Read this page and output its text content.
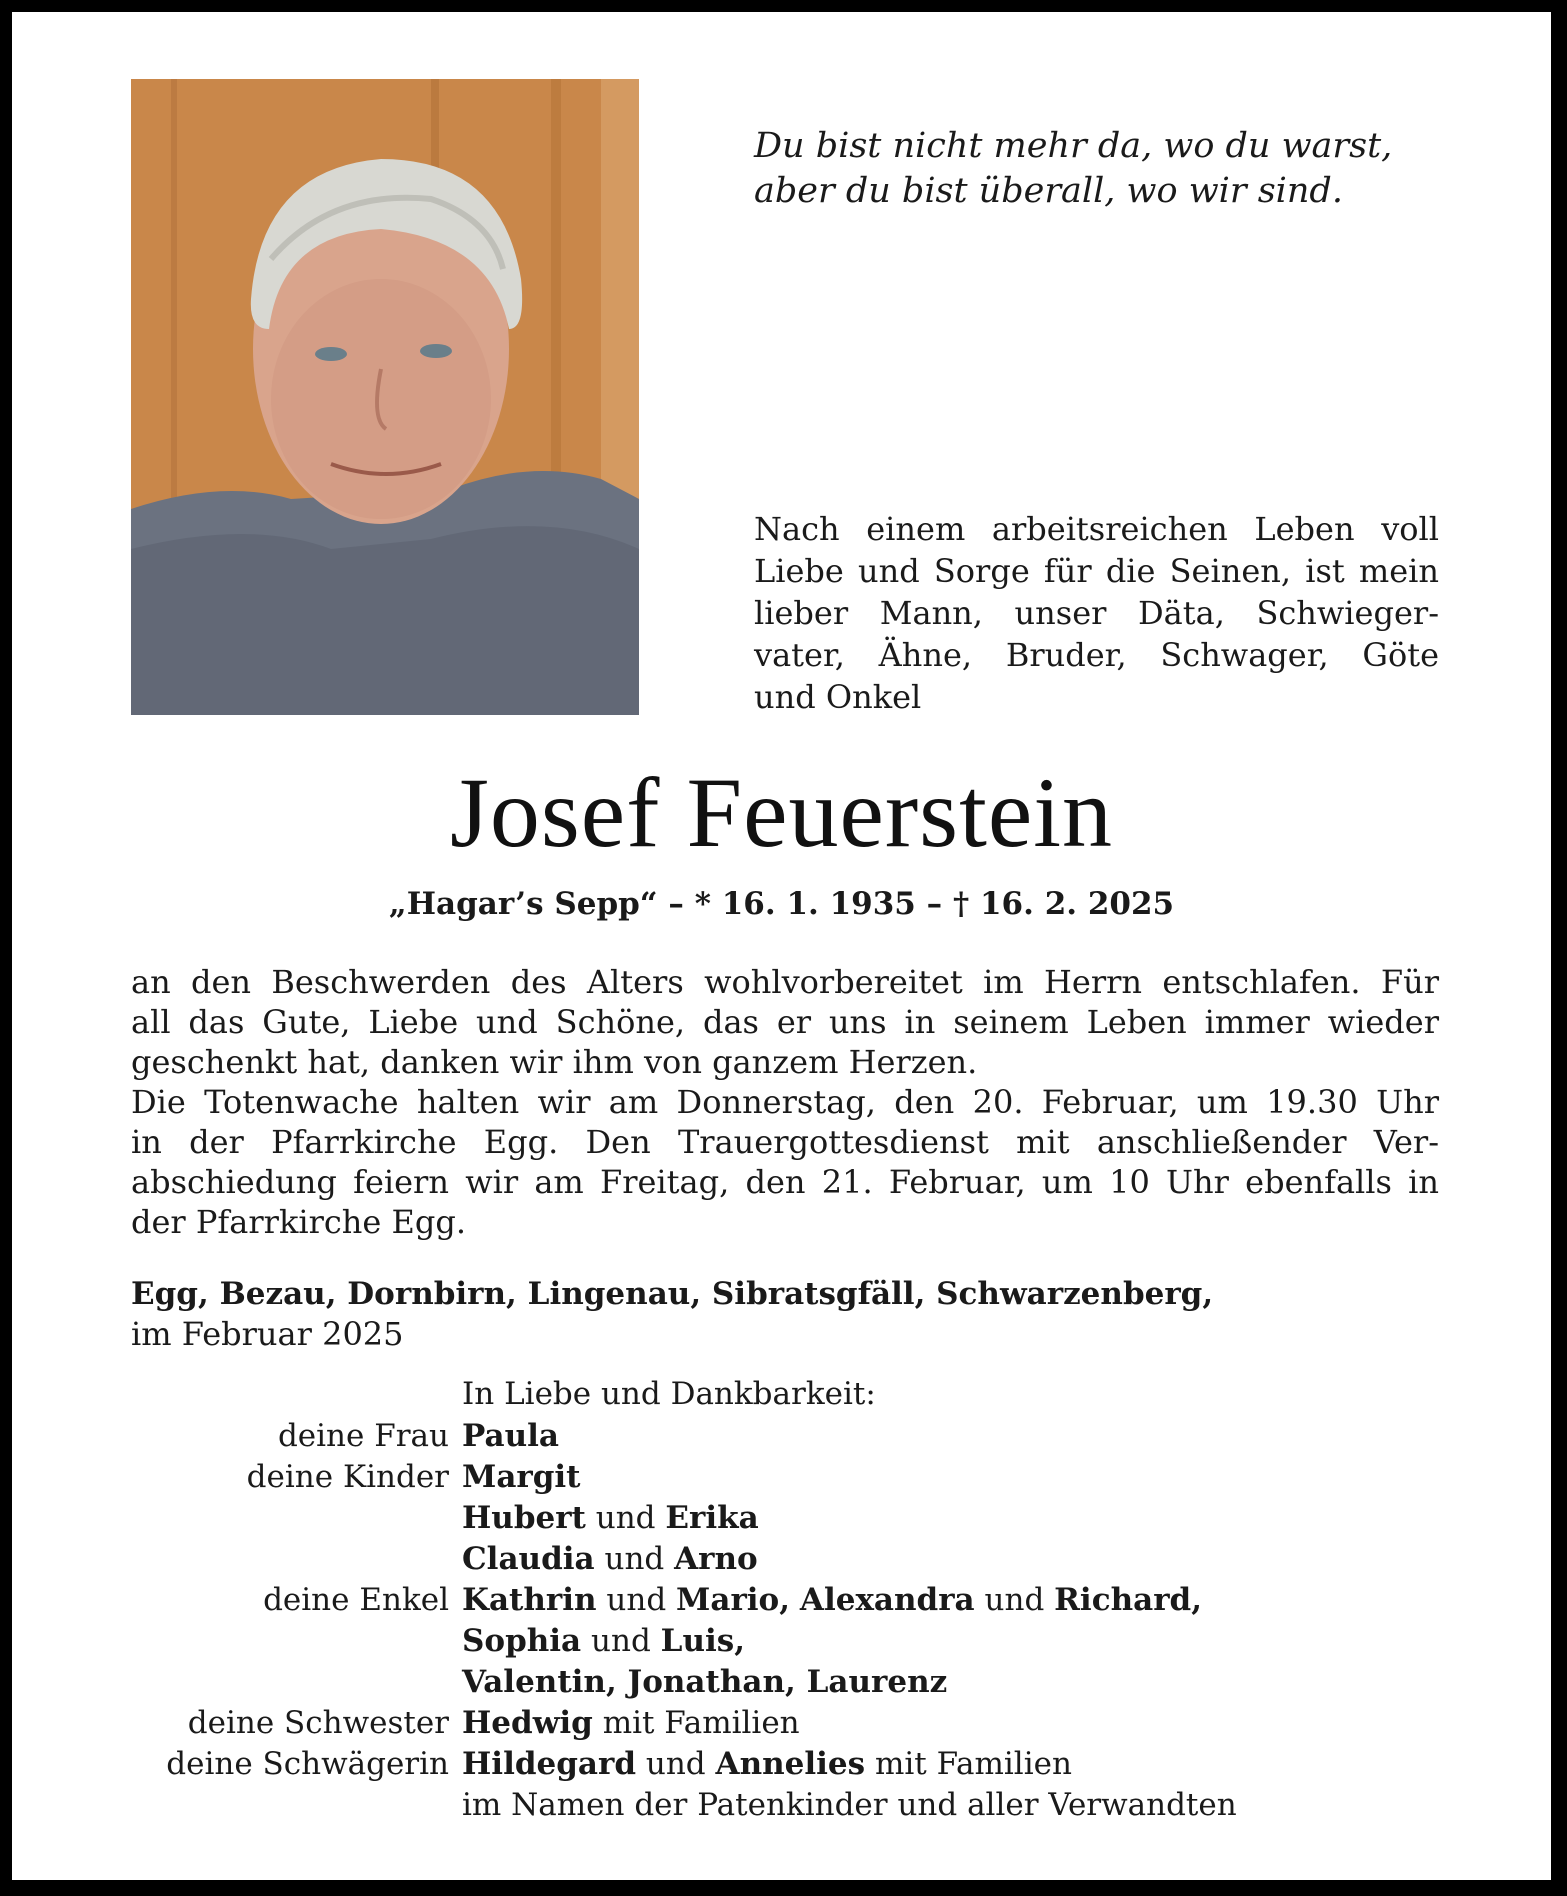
Du bist nicht mehr da, wo du warst,
aber du bist überall, wo wir sind.
Nach einem arbeitsreichen Leben voll
Liebe und Sorge für die Seinen, ist mein
lieber Mann, unser Däta, Schwieger-
vater, Ähne, Bruder, Schwager, Göte
und Onkel
Josef Feuerstein
„Hagar’s Sepp“ – * 16. 1. 1935 – † 16. 2. 2025
an den Beschwerden des Alters wohlvorbereitet im Herrn entschlafen. Für
all das Gute, Liebe und Schöne, das er uns in seinem Leben immer wieder
geschenkt hat, danken wir ihm von ganzem Herzen.
Die Totenwache halten wir am Donnerstag, den 20. Februar, um 19.30 Uhr
in der Pfarrkirche Egg. Den Trauergottesdienst mit anschließender Ver-
abschiedung feiern wir am Freitag, den 21. Februar, um 10 Uhr ebenfalls in
der Pfarrkirche Egg.
Egg, Bezau, Dornbirn, Lingenau, Sibratsgfäll, Schwarzenberg,
im Februar 2025
In Liebe und Dankbarkeit:
deine Frau Paula
deine Kinder Margit
Hubert und Erika
Claudia und Arno
deine Enkel Kathrin und Mario, Alexandra und Richard,
Sophia und Luis,
Valentin, Jonathan, Laurenz
deine Schwester Hedwig mit Familien
deine Schwägerin Hildegard und Annelies mit Familien
im Namen der Patenkinder und aller Verwandten
